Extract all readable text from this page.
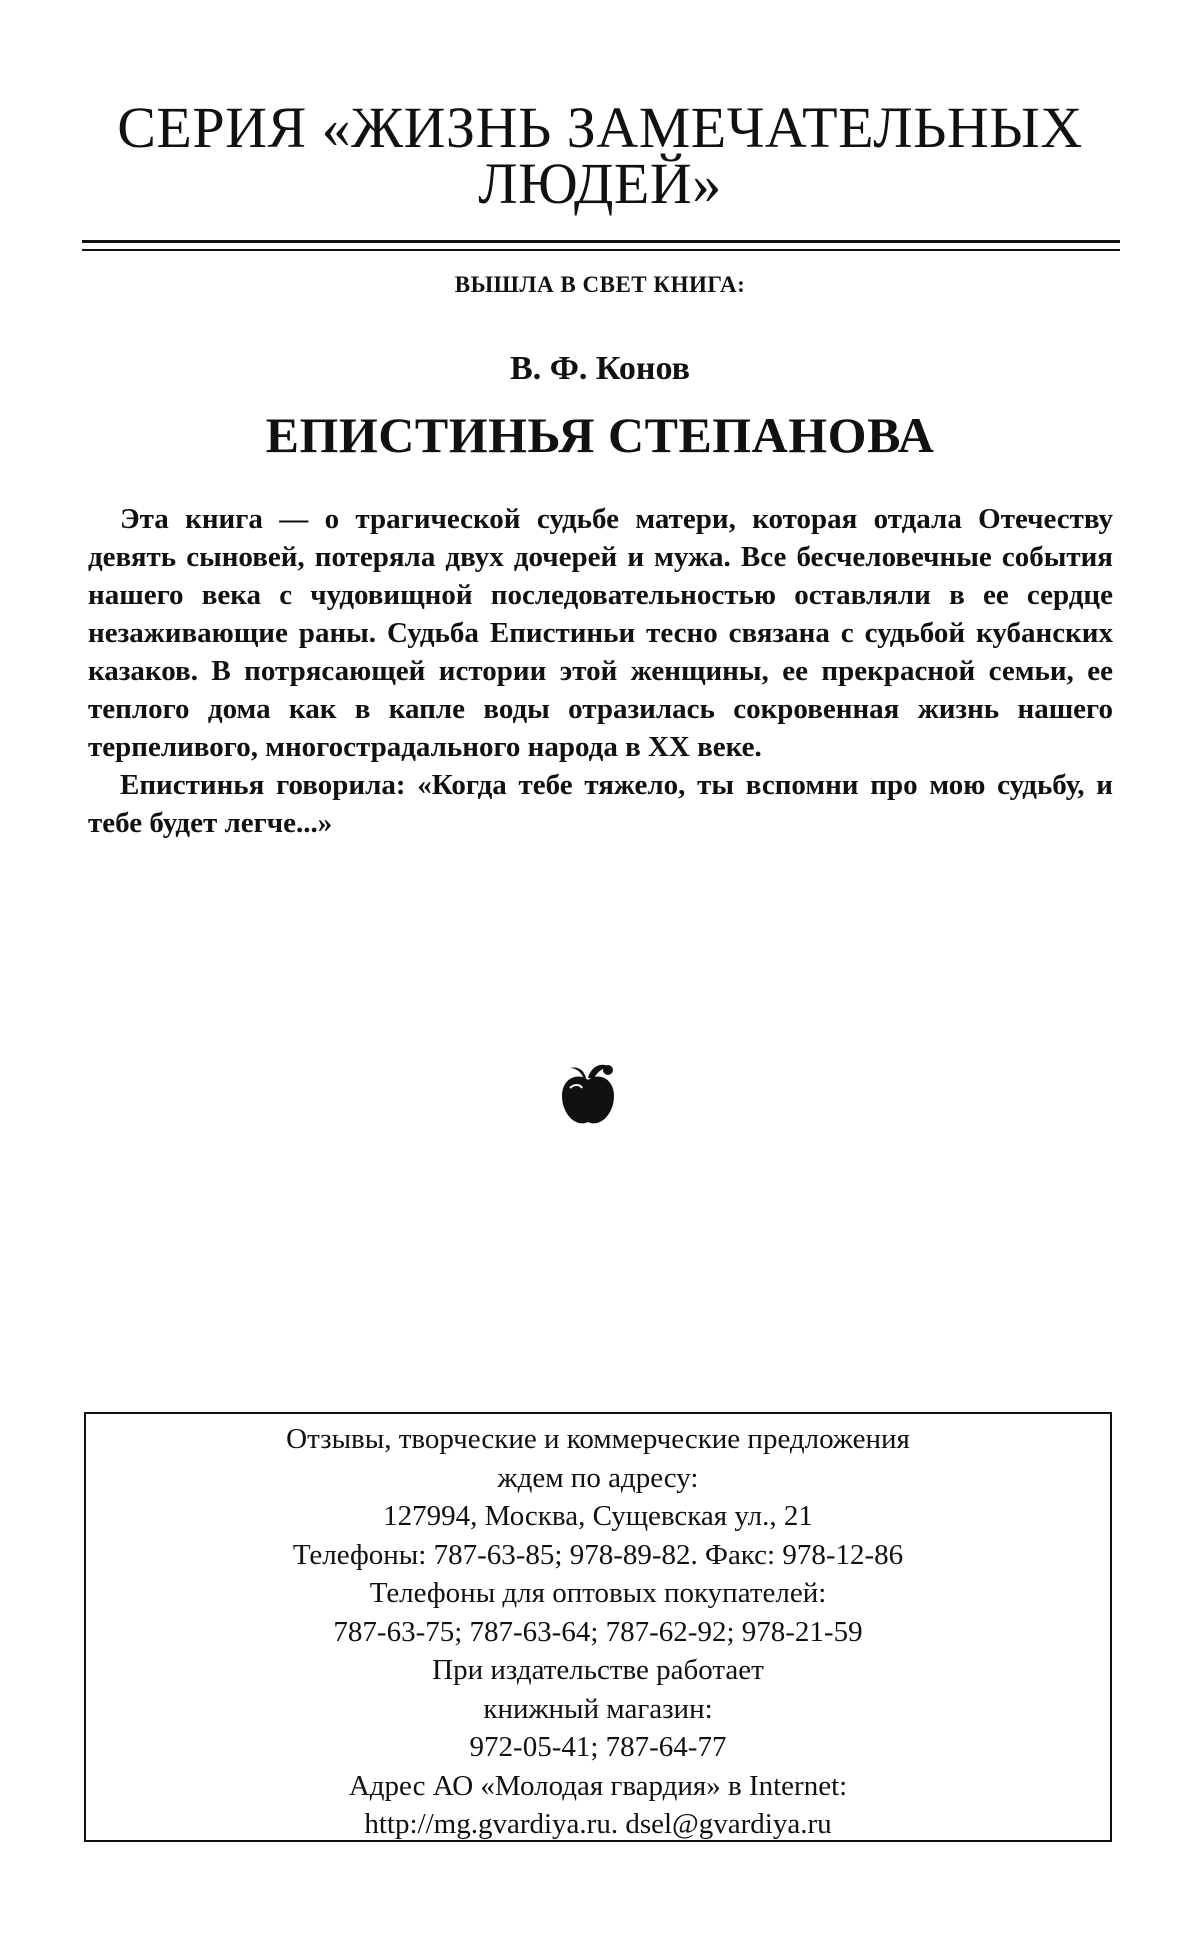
СЕРИЯ «ЖИЗНЬ ЗАМЕЧАТЕЛЬНЫХ
ЛЮДЕЙ»
ВЫШЛА В СВЕТ КНИГА:
В. Ф. Конов
ЕПИСТИНЬЯ СТЕПАНОВА

Эта книга — о трагической судьбе матери, которая отдала Отечеству девять сыновей, потеряла двух дочерей и мужа. Все бесчеловечные события нашего века с чудовищной последовательностью оставляли в ее сердце незаживающие раны. Судьба Епистиньи тесно связана с судьбой кубанских казаков. В потрясающей истории этой женщины, ее прекрасной семьи, ее теплого дома как в капле воды отразилась сокровенная жизнь нашего терпеливого, многострадального народа в XX веке.

Епистинья говорила: «Когда тебе тяжело, ты вспомни про мою судьбу, и тебе будет легче...»

Отзывы, творческие и коммерческие предложения
ждем по адресу:
127994, Москва, Сущевская ул., 21
Телефоны: 787-63-85; 978-89-82. Факс: 978-12-86
Телефоны для оптовых покупателей:
787-63-75; 787-63-64; 787-62-92; 978-21-59
При издательстве работает
книжный магазин:
972-05-41; 787-64-77
Адрес АО «Молодая гвардия» в Internet:
http://mg.gvardiya.ru. dsel@gvardiya.ru
